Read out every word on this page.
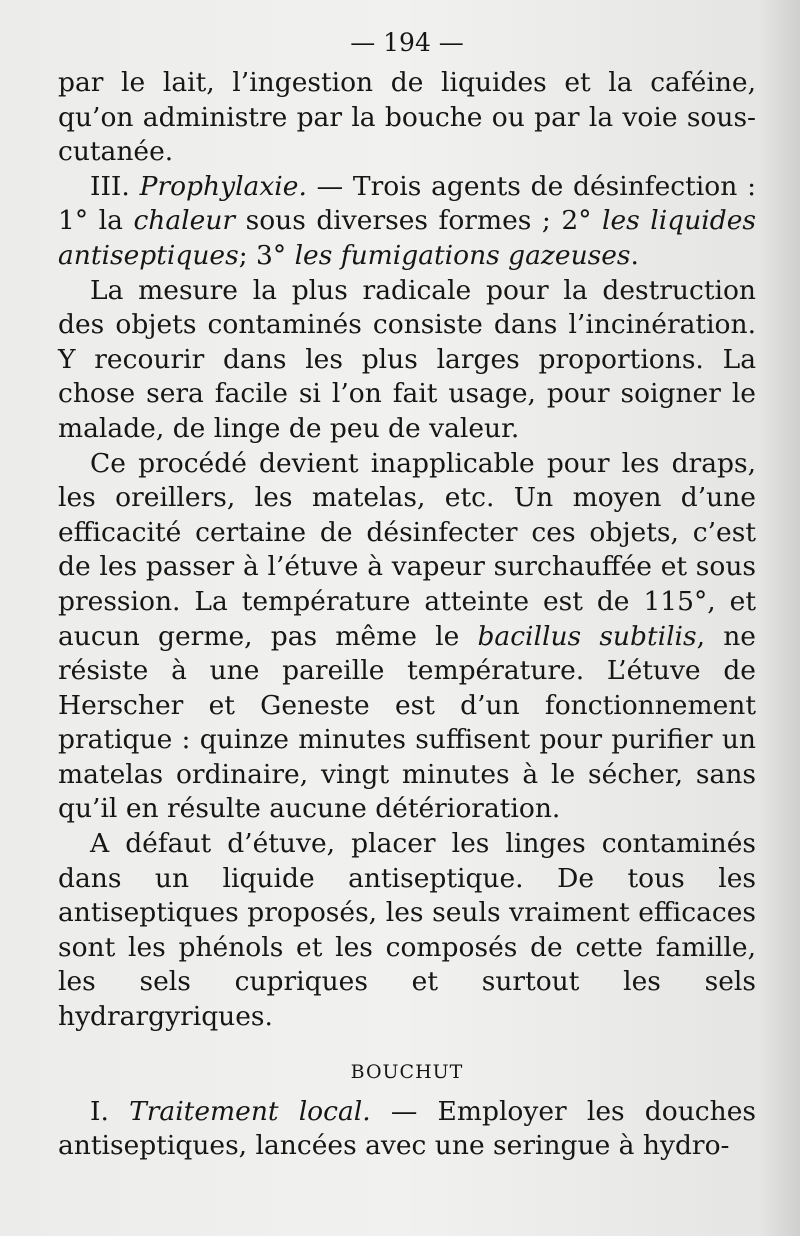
— 194 —

par le lait, l’ingestion de liquides et la caféine, qu’on administre par la bouche ou par la voie sous-cutanée.

III. Prophylaxie. — Trois agents de désinfection : 1° la chaleur sous diverses formes ; 2° les liquides antiseptiques; 3° les fumigations gazeuses.

La mesure la plus radicale pour la destruction des objets contaminés consiste dans l’incinération. Y recourir dans les plus larges proportions. La chose sera facile si l’on fait usage, pour soigner le malade, de linge de peu de valeur.

Ce procédé devient inapplicable pour les draps, les oreillers, les matelas, etc. Un moyen d’une efficacité certaine de désinfecter ces objets, c’est de les passer à l’étuve à vapeur surchauffée et sous pression. La température atteinte est de 115°, et aucun germe, pas même le bacillus subtilis, ne résiste à une pareille température. L’étuve de Herscher et Geneste est d’un fonctionnement pratique : quinze minutes suffisent pour purifier un matelas ordinaire, vingt minutes à le sécher, sans qu’il en résulte aucune détérioration.

A défaut d’étuve, placer les linges contaminés dans un liquide antiseptique. De tous les antiseptiques proposés, les seuls vraiment efficaces sont les phénols et les composés de cette famille, les sels cupriques et surtout les sels hydrargyriques.

BOUCHUT

I. Traitement local. — Employer les douches antiseptiques, lancées avec une seringue à hydro-
